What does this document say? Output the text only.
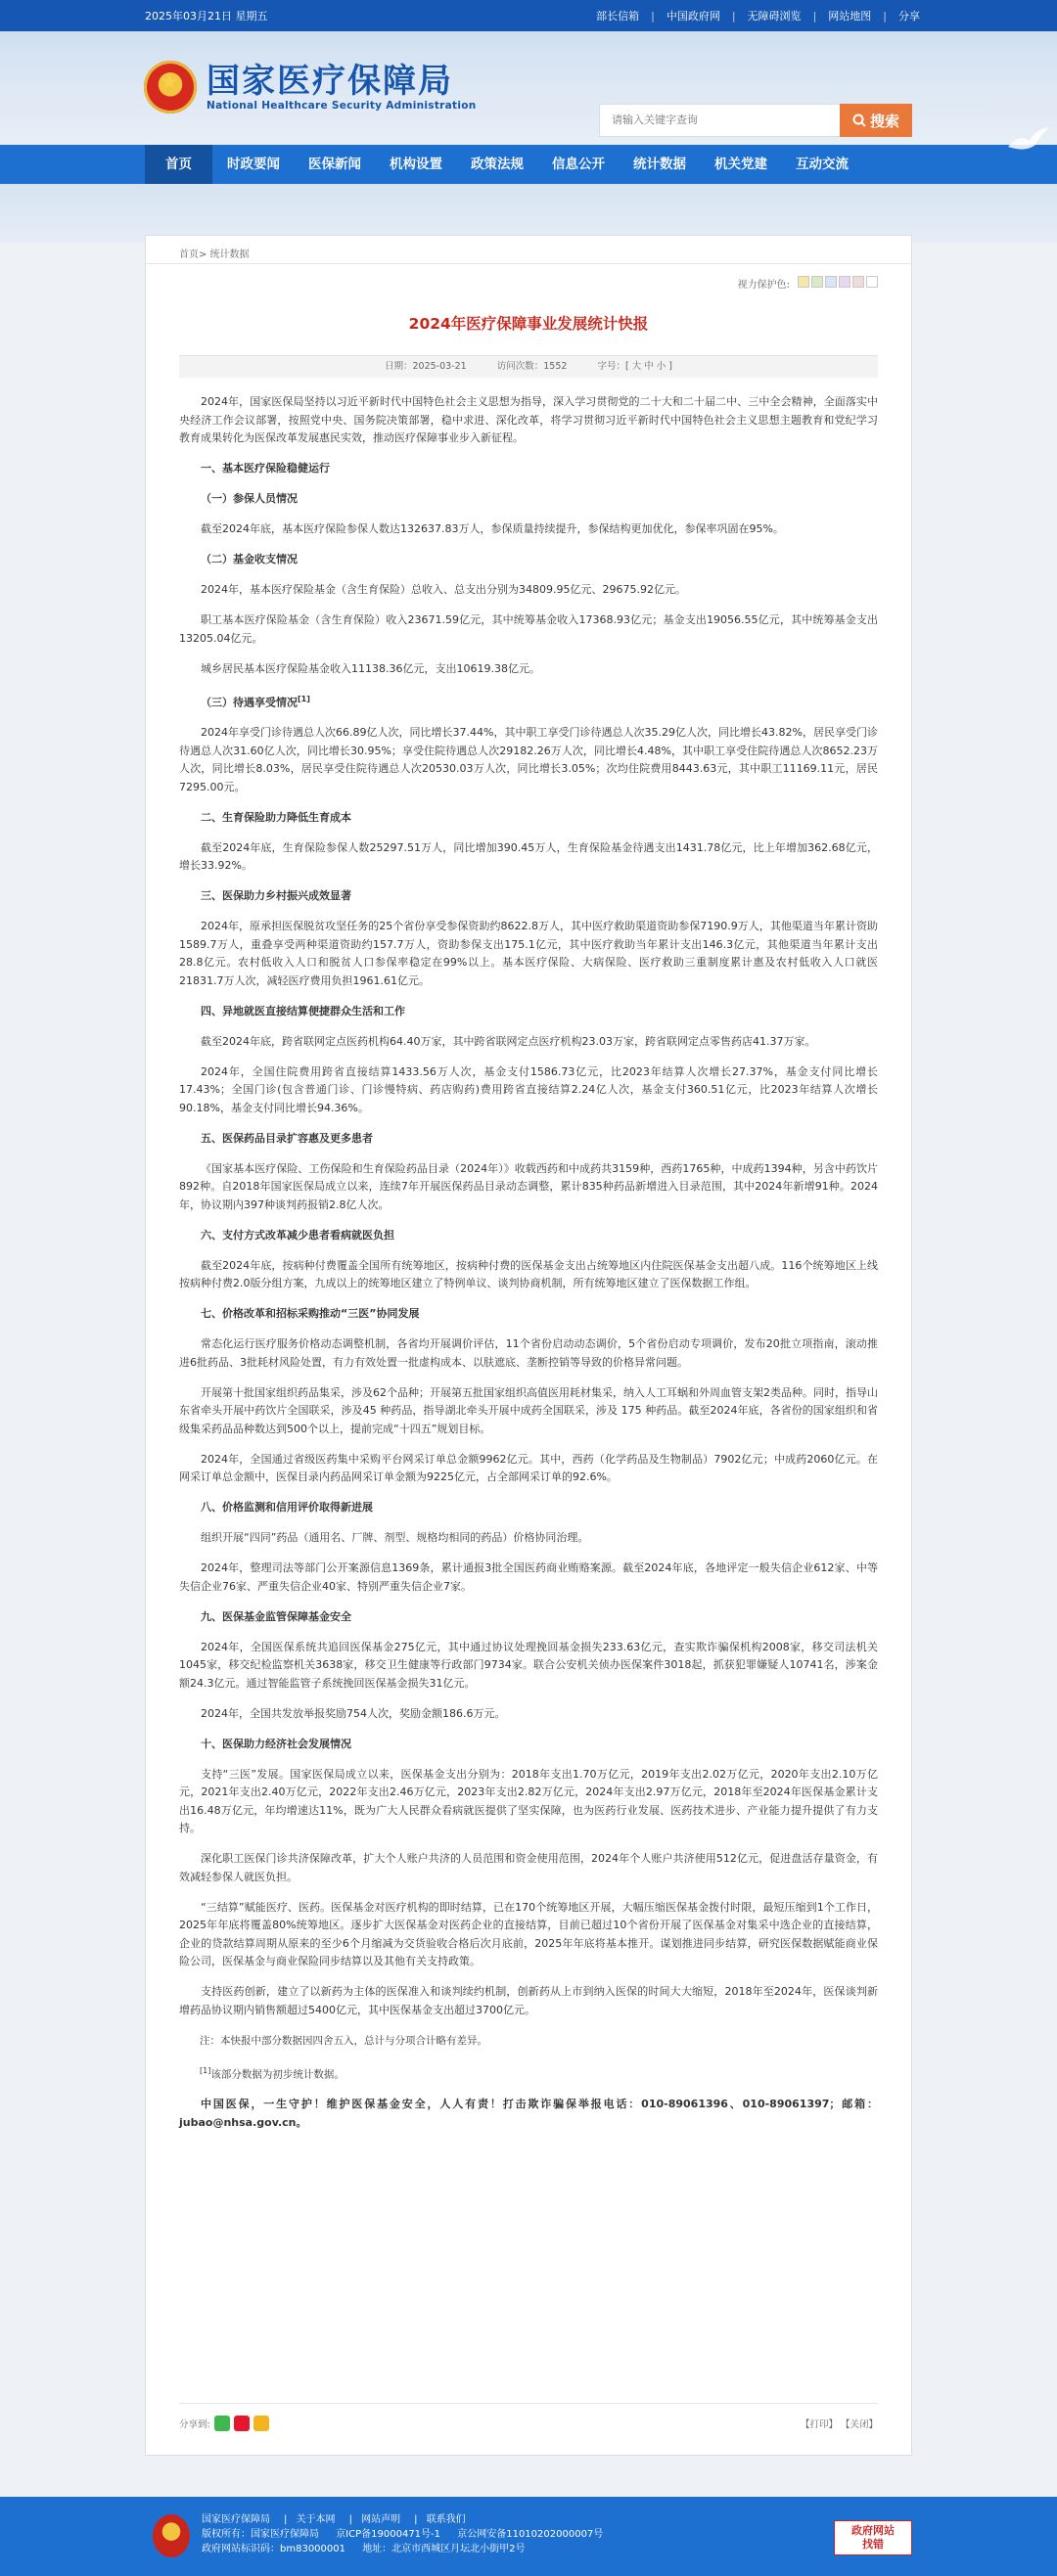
2025年03月21日 星期五	部长信箱 | 中国政府网 | 无障碍浏览 | 网站地图 | 分享
★
国家医疗保障局
National Healthcare Security Administration
请输入关键字查询
搜索
首页	时政要闻	医保新闻	机构设置	政策法规	信息公开	统计数据	机关党建	互动交流
首页> 统计数据
视力保护色:
2024年医疗保障事业发展统计快报
日期：2025-03-21	访问次数：1552	字号：[ 大 中 小 ]

2024年，国家医保局坚持以习近平新时代中国特色社会主义思想为指导，深入学习贯彻党的二十大和二十届二中、三中全会精神，全面落实中央经济工作会议部署，按照党中央、国务院决策部署，稳中求进、深化改革，将学习贯彻习近平新时代中国特色社会主义思想主题教育和党纪学习教育成果转化为医保改革发展惠民实效，推动医疗保障事业步入新征程。

一、基本医疗保险稳健运行

（一）参保人员情况

截至2024年底，基本医疗保险参保人数达132637.83万人，参保质量持续提升，参保结构更加优化，参保率巩固在95%。

（二）基金收支情况

2024年，基本医疗保险基金（含生育保险）总收入、总支出分别为34809.95亿元、29675.92亿元。

职工基本医疗保险基金（含生育保险）收入23671.59亿元，其中统筹基金收入17368.93亿元；基金支出19056.55亿元，其中统筹基金支出13205.04亿元。

城乡居民基本医疗保险基金收入11138.36亿元，支出10619.38亿元。

（三）待遇享受情况[1]

2024年享受门诊待遇总人次66.89亿人次，同比增长37.44%，其中职工享受门诊待遇总人次35.29亿人次，同比增长43.82%，居民享受门诊待遇总人次31.60亿人次，同比增长30.95%；享受住院待遇总人次29182.26万人次，同比增长4.48%，其中职工享受住院待遇总人次8652.23万人次，同比增长8.03%，居民享受住院待遇总人次20530.03万人次，同比增长3.05%；次均住院费用8443.63元，其中职工11169.11元，居民7295.00元。

二、生育保险助力降低生育成本

截至2024年底，生育保险参保人数25297.51万人，同比增加390.45万人，生育保险基金待遇支出1431.78亿元，比上年增加362.68亿元，增长33.92%。

三、医保助力乡村振兴成效显著

2024年，原承担医保脱贫攻坚任务的25个省份享受参保资助约8622.8万人，其中医疗救助渠道资助参保7190.9万人，其他渠道当年累计资助1589.7万人，重叠享受两种渠道资助约157.7万人，资助参保支出175.1亿元，其中医疗救助当年累计支出146.3亿元，其他渠道当年累计支出28.8亿元。农村低收入人口和脱贫人口参保率稳定在99%以上。基本医疗保险、大病保险、医疗救助三重制度累计惠及农村低收入人口就医21831.7万人次，减轻医疗费用负担1961.61亿元。

四、异地就医直接结算便捷群众生活和工作

截至2024年底，跨省联网定点医药机构64.40万家，其中跨省联网定点医疗机构23.03万家，跨省联网定点零售药店41.37万家。

2024年，全国住院费用跨省直接结算1433.56万人次，基金支付1586.73亿元，比2023年结算人次增长27.37%，基金支付同比增长17.43%；全国门诊(包含普通门诊、门诊慢特病、药店购药)费用跨省直接结算2.24亿人次，基金支付360.51亿元，比2023年结算人次增长90.18%，基金支付同比增长94.36%。

五、医保药品目录扩容惠及更多患者

《国家基本医疗保险、工伤保险和生育保险药品目录（2024年）》收载西药和中成药共3159种，西药1765种，中成药1394种，另含中药饮片892种。自2018年国家医保局成立以来，连续7年开展医保药品目录动态调整，累计835种药品新增进入目录范围，其中2024年新增91种。2024年，协议期内397种谈判药报销2.8亿人次。

六、支付方式改革减少患者看病就医负担

截至2024年底，按病种付费覆盖全国所有统筹地区，按病种付费的医保基金支出占统筹地区内住院医保基金支出超八成。116个统筹地区上线按病种付费2.0版分组方案，九成以上的统筹地区建立了特例单议、谈判协商机制，所有统筹地区建立了医保数据工作组。

七、价格改革和招标采购推动“三医”协同发展

常态化运行医疗服务价格动态调整机制，各省均开展调价评估，11个省份启动动态调价，5个省份启动专项调价，发布20批立项指南，滚动推进6批药品、3批耗材风险处置，有力有效处置一批虚构成本、以肤遮底、垄断控销等导致的价格异常问题。

开展第十批国家组织药品集采，涉及62个品种；开展第五批国家组织高值医用耗材集采，纳入人工耳蜗和外周血管支架2类品种。同时，指导山东省牵头开展中药饮片全国联采，涉及45 种药品，指导湖北牵头开展中成药全国联采，涉及 175 种药品。截至2024年底，各省份的国家组织和省级集采药品品种数达到500个以上，提前完成“十四五”规划目标。

2024年，全国通过省级医药集中采购平台网采订单总金额9962亿元。其中，西药（化学药品及生物制品）7902亿元；中成药2060亿元。在网采订单总金额中，医保目录内药品网采订单金额为9225亿元，占全部网采订单的92.6%。

八、价格监测和信用评价取得新进展

组织开展“四同”药品（通用名、厂牌、剂型、规格均相同的药品）价格协同治理。

2024年，整理司法等部门公开案源信息1369条，累计通报3批全国医药商业贿赂案源。截至2024年底，各地评定一般失信企业612家、中等失信企业76家、严重失信企业40家、特别严重失信企业7家。

九、医保基金监管保障基金安全

2024年，全国医保系统共追回医保基金275亿元，其中通过协议处理挽回基金损失233.63亿元，查实欺诈骗保机构2008家，移交司法机关1045家，移交纪检监察机关3638家，移交卫生健康等行政部门9734家。联合公安机关侦办医保案件3018起，抓获犯罪嫌疑人10741名，涉案金额24.3亿元。通过智能监管子系统挽回医保基金损失31亿元。

2024年，全国共发放举报奖励754人次，奖励金额186.6万元。

十、医保助力经济社会发展情况

支持“三医”发展。国家医保局成立以来，医保基金支出分别为：2018年支出1.70万亿元，2019年支出2.02万亿元，2020年支出2.10万亿元，2021年支出2.40万亿元，2022年支出2.46万亿元，2023年支出2.82万亿元，2024年支出2.97万亿元，2018年至2024年医保基金累计支出16.48万亿元，年均增速达11%，既为广大人民群众看病就医提供了坚实保障，也为医药行业发展、医药技术进步、产业能力提升提供了有力支持。

深化职工医保门诊共济保障改革，扩大个人账户共济的人员范围和资金使用范围，2024年个人账户共济使用512亿元，促进盘活存量资金，有效减轻参保人就医负担。

“三结算”赋能医疗、医药。医保基金对医疗机构的即时结算，已在170个统筹地区开展，大幅压缩医保基金拨付时限，最短压缩到1个工作日，2025年年底将覆盖80%统筹地区。逐步扩大医保基金对医药企业的直接结算，目前已超过10个省份开展了医保基金对集采中选企业的直接结算，企业的贷款结算周期从原来的至少6个月缩减为交货验收合格后次月底前，2025年年底将基本推开。谋划推进同步结算，研究医保数据赋能商业保险公司，医保基金与商业保险同步结算以及其他有关支持政策。

支持医药创新，建立了以新药为主体的医保准入和谈判续约机制，创新药从上市到纳入医保的时间大大缩短，2018年至2024年，医保谈判新增药品协议期内销售额超过5400亿元，其中医保基金支出超过3700亿元。

注：本快报中部分数据因四舍五入，总计与分项合计略有差异。

[1]该部分数据为初步统计数据。

中国医保，一生守护！维护医保基金安全，人人有责！打击欺诈骗保举报电话：010-89061396、010-89061397；邮箱：jubao@nhsa.gov.cn。

分享到:	【打印】 【关闭】
国家医疗保障局 | 关于本网 | 网站声明 | 联系我们
版权所有：国家医疗保障局 京ICP备19000471号-1 京公网安备11010202000007号
政府网站标识码：bm83000001 地址：北京市西城区月坛北小街甲2号
政府网站
找错
